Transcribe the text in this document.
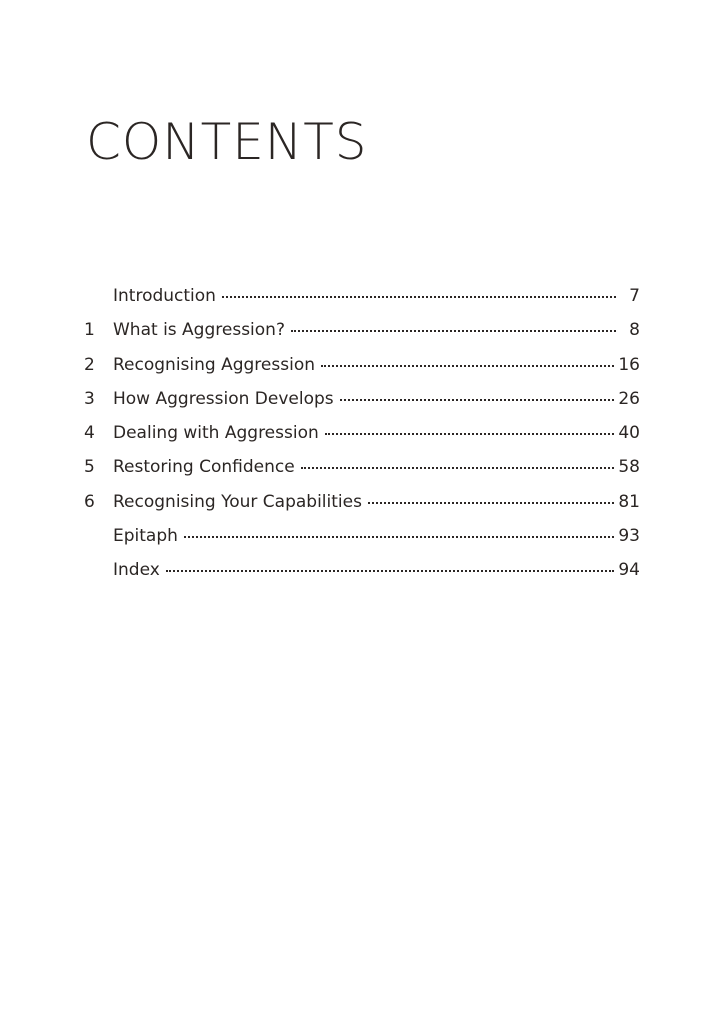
CONTENTS
Introduction	7
1	What is Aggression?	8
2	Recognising Aggression	16
3	How Aggression Develops	26
4	Dealing with Aggression	40
5	Restoring Confidence	58
6	Recognising Your Capabilities	81
Epitaph	93
Index	94
